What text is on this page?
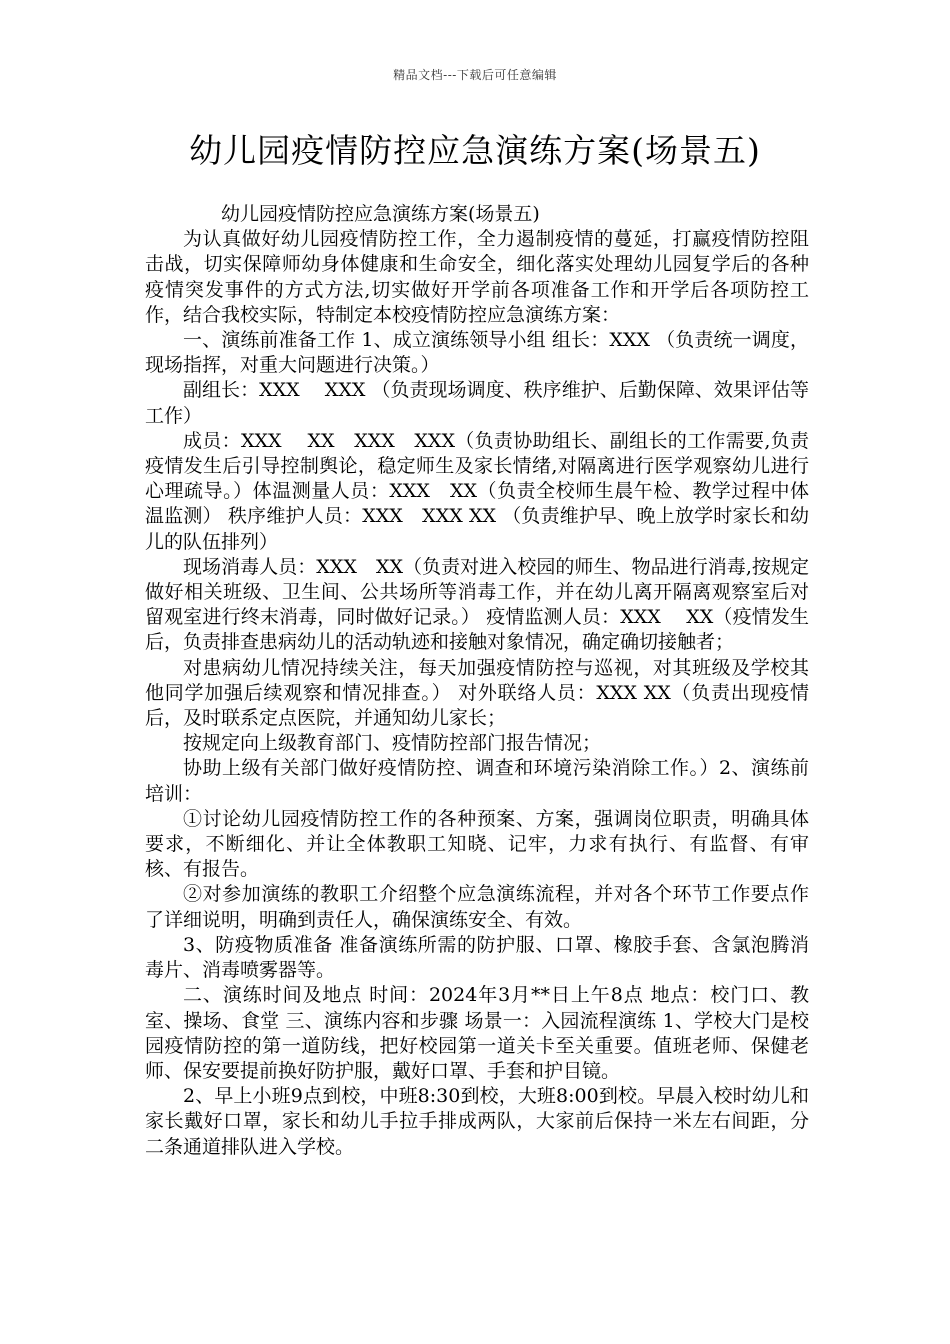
精品文档---下载后可任意编辑
幼儿园疫情防控应急演练方案(场景五)

幼儿园疫情防控应急演练方案(场景五)

为认真做好幼儿园疫情防控工作，全力遏制疫情的蔓延，打赢疫情防控阻击战，切实保障师幼身体健康和生命安全，细化落实处理幼儿园复学后的各种疫情突发事件的方式方法,切实做好开学前各项准备工作和开学后各项防控工作，结合我校实际，特制定本校疫情防控应急演练方案：

一、演练前准备工作 1、成立演练领导小组 组长：XXX （负责统一调度，现场指挥，对重大问题进行决策。）

副组长：XXX　 XXX （负责现场调度、秩序维护、后勤保障、效果评估等工作）

成员：XXX　 XX　XXX　XXX（负责协助组长、副组长的工作需要,负责疫情发生后引导控制舆论，稳定师生及家长情绪,对隔离进行医学观察幼儿进行心理疏导。）体温测量人员：XXX　XX（负责全校师生晨午检、教学过程中体温监测） 秩序维护人员：XXX　XXX XX （负责维护早、晚上放学时家长和幼儿的队伍排列）

现场消毒人员：XXX　XX（负责对进入校园的师生、物品进行消毒,按规定做好相关班级、卫生间、公共场所等消毒工作，并在幼儿离开隔离观察室后对留观室进行终末消毒，同时做好记录。） 疫情监测人员：XXX　 XX（疫情发生后，负责排查患病幼儿的活动轨迹和接触对象情况，确定确切接触者；

对患病幼儿情况持续关注，每天加强疫情防控与巡视，对其班级及学校其他同学加强后续观察和情况排查。） 对外联络人员：XXX XX（负责出现疫情后，及时联系定点医院，并通知幼儿家长；

按规定向上级教育部门、疫情防控部门报告情况；

协助上级有关部门做好疫情防控、调查和环境污染消除工作。）2、演练前培训：

①讨论幼儿园疫情防控工作的各种预案、方案，强调岗位职责，明确具体要求，不断细化、并让全体教职工知晓、记牢，力求有执行、有监督、有审核、有报告。

②对参加演练的教职工介绍整个应急演练流程，并对各个环节工作要点作了详细说明，明确到责任人，确保演练安全、有效。

3、防疫物质准备 准备演练所需的防护服、口罩、橡胶手套、含氯泡腾消毒片、消毒喷雾器等。

二、演练时间及地点 时间：2024年3月**日上午8点 地点：校门口、教室、操场、食堂 三、演练内容和步骤 场景一：入园流程演练 1、学校大门是校园疫情防控的第一道防线，把好校园第一道关卡至关重要。值班老师、保健老师、保安要提前换好防护服，戴好口罩、手套和护目镜。

2、早上小班9点到校，中班8:30到校，大班8:00到校。早晨入校时幼儿和家长戴好口罩，家长和幼儿手拉手排成两队，大家前后保持一米左右间距，分二条通道排队进入学校。
